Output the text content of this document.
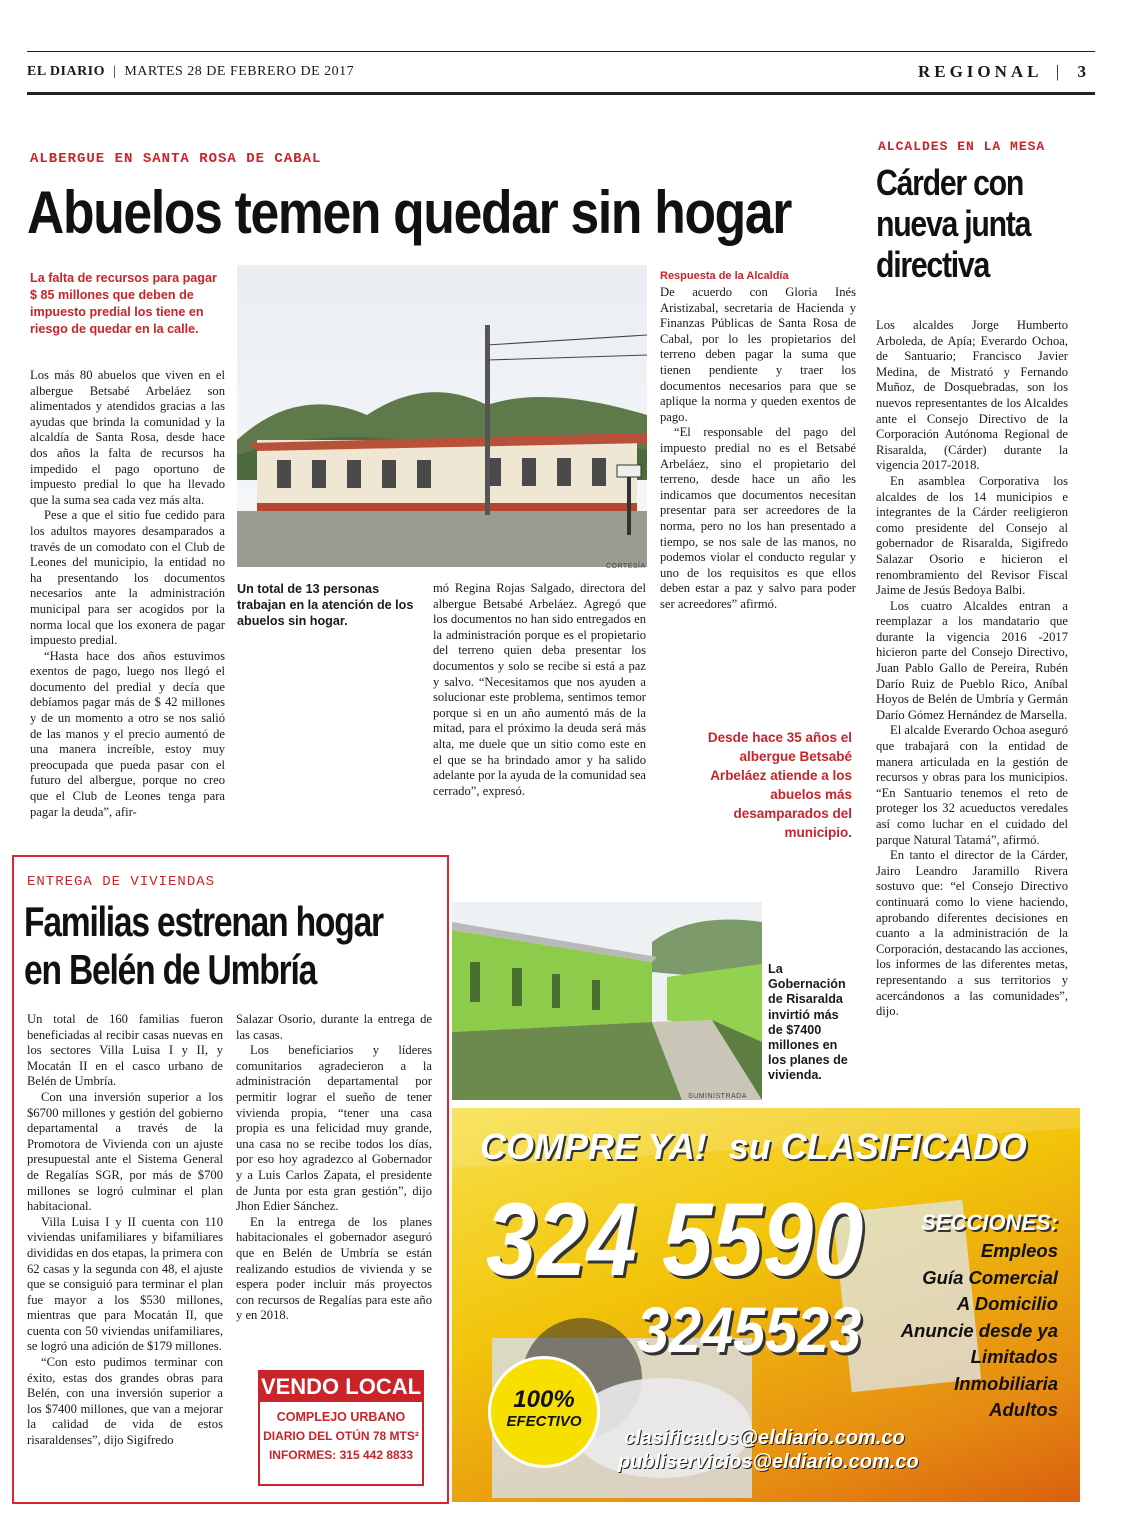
EL DIARIO | MARTES 28 DE FEBRERO DE 2017	REGIONAL | 3
ALBERGUE EN SANTA ROSA DE CABAL
Abuelos temen quedar sin hogar
La falta de recursos para pagar $ 85 millones que deben de impuesto predial los tiene en riesgo de quedar en la calle.

Los más 80 abuelos que viven en el albergue Betsabé Arbeláez son alimentados y atendidos gracias a las ayudas que brinda la comunidad y la alcaldía de Santa Rosa, desde hace dos años la falta de recursos ha impedido el pago oportuno de impuesto predial lo que ha llevado que la suma sea cada vez más alta.

Pese a que el sitio fue cedido para los adultos mayores desamparados a través de un comodato con el Club de Leones del municipio, la entidad no ha presentando los documentos necesarios ante la administración municipal para ser acogidos por la norma local que los exonera de pagar impuesto predial.

“Hasta hace dos años estuvimos exentos de pago, luego nos llegó el documento del predial y decía que debíamos pagar más de $ 42 millones y de un momento a otro se nos salió de las manos y el precio aumentó de una manera increíble, estoy muy preocupada que pueda pasar con el futuro del albergue, porque no creo que el Club de Leones tenga para pagar la deuda”, afir-

CORTESÍA
Un total de 13 personas trabajan en la atención de los abuelos sin hogar.

mó Regina Rojas Salgado, directora del albergue Betsabé Arbeláez. Agregó que los documentos no han sido entregados en la administración porque es el propietario del terreno quien deba presentar los documentos y solo se recibe si está a paz y salvo. “Necesitamos que nos ayuden a solucionar este problema, sentimos temor porque si en un año aumentó más de la mitad, para el próximo la deuda será más alta, me duele que un sitio como este en el que se ha brindado amor y ha salido adelante por la ayuda de la comunidad sea cerrado”, expresó.

Respuesta de la Alcaldía

De acuerdo con Gloria Inés Aristizabal, secretaria de Hacienda y Finanzas Públicas de Santa Rosa de Cabal, por lo les propietarios del terreno deben pagar la suma que tienen pendiente y traer los documentos necesarios para que se aplique la norma y queden exentos de pago.

“El responsable del pago del impuesto predial no es el Betsabé Arbeláez, sino el propietario del terreno, desde hace un año les indicamos que documentos necesitan presentar para ser acreedores de la norma, pero no los han presentado a tiempo, se nos sale de las manos, no podemos violar el conducto regular y uno de los requisitos es que ellos deben estar a paz y salvo para poder ser acreedores” afirmó.

Desde hace 35 años el albergue Betsabé Arbeláez atiende a los abuelos más desamparados del municipio.
ALCALDES EN LA MESA
Cárder con
nueva junta
directiva

Los alcaldes Jorge Humberto Arboleda, de Apía; Everardo Ochoa, de Santuario; Francisco Javier Medina, de Mistrató y Fernando Muñoz, de Dosquebradas, son los nuevos representantes de los Alcaldes ante el Consejo Directivo de la Corporación Autónoma Regional de Risaralda, (Cárder) durante la vigencia 2017-2018.

En asamblea Corporativa los alcaldes de los 14 municipios e integrantes de la Cárder reeligieron como presidente del Consejo al gobernador de Risaralda, Sigifredo Salazar Osorio e hicieron el renombramiento del Revisor Fiscal Jaime de Jesús Bedoya Balbi.

Los cuatro Alcaldes entran a reemplazar a los mandatario que durante la vigencia 2016 -2017 hicieron parte del Consejo Directivo, Juan Pablo Gallo de Pereira, Rubén Darío Ruiz de Pueblo Rico, Aníbal Hoyos de Belén de Umbría y Germán Darío Gómez Hernández de Marsella.

El alcalde Everardo Ochoa aseguró que trabajará con la entidad de manera articulada en la gestión de recursos y obras para los municipios. “En Santuario tenemos el reto de proteger los 32 acueductos veredales así como luchar en el cuidado del parque Natural Tatamá”, afirmó.

En tanto el director de la Cárder, Jairo Leandro Jaramillo Rivera sostuvo que: “el Consejo Directivo continuará como lo viene haciendo, aprobando diferentes decisiones en cuanto a la administración de la Corporación, destacando las acciones, los informes de las diferentes metas, representando a sus territorios y acercándonos a las comunidades”, dijo.

ENTREGA DE VIVIENDAS
Familias estrenan hogar
en Belén de Umbría

Un total de 160 familias fueron beneficiadas al recibir casas nuevas en los sectores Villa Luisa I y II, y Mocatán II en el casco urbano de Belén de Umbría.

Con una inversión superior a los $6700 millones y gestión del gobierno departamental a través de la Promotora de Vivienda con un ajuste presupuestal ante el Sistema General de Regalías SGR, por más de $700 millones se logró culminar el plan habitacional.

Villa Luisa I y II cuenta con 110 viviendas unifamiliares y bifamiliares divididas en dos etapas, la primera con 62 casas y la segunda con 48, el ajuste que se consiguió para terminar el plan fue mayor a los $530 millones, mientras que para Mocatán II, que cuenta con 50 viviendas unifamiliares, se logró una adición de $179 millones.

“Con esto pudimos terminar con éxito, estas dos grandes obras para Belén, con una inversión superior a los $7400 millones, que van a mejorar la calidad de vida de estos risaraldenses”, dijo Sigifredo

Salazar Osorio, durante la entrega de las casas.

Los beneficiarios y líderes comunitarios agradecieron a la administración departamental por permitir lograr el sueño de tener vivienda propia, “tener una casa propia es una felicidad muy grande, una casa no se recibe todos los días, por eso hoy agradezco al Gobernador y a Luis Carlos Zapata, el presidente de Junta por esta gran gestión”, dijo Jhon Edier Sánchez.

En la entrega de los planes habitacionales el gobernador aseguró que en Belén de Umbría se están realizando estudios de vivienda y se espera poder incluir más proyectos con recursos de Regalías para este año y en 2018.

VENDO LOCAL
COMPLEJO URBANO
DIARIO DEL OTÚN 78 MTS²
INFORMES: 315 442 8833
SUMINISTRADA
La Gobernación de Risaralda invirtió más de $7400 millones en los planes de vivienda.
COMPRE YA! su CLASIFICADO
324 5590
3245523
100%
EFECTIVO
SECCIONES:
Empleos
Guía Comercial
A Domicilio
Anuncie desde ya
Limitados
Inmobiliaria
Adultos
clasificados@eldiario.com.co
publiservicios@eldiario.com.co
